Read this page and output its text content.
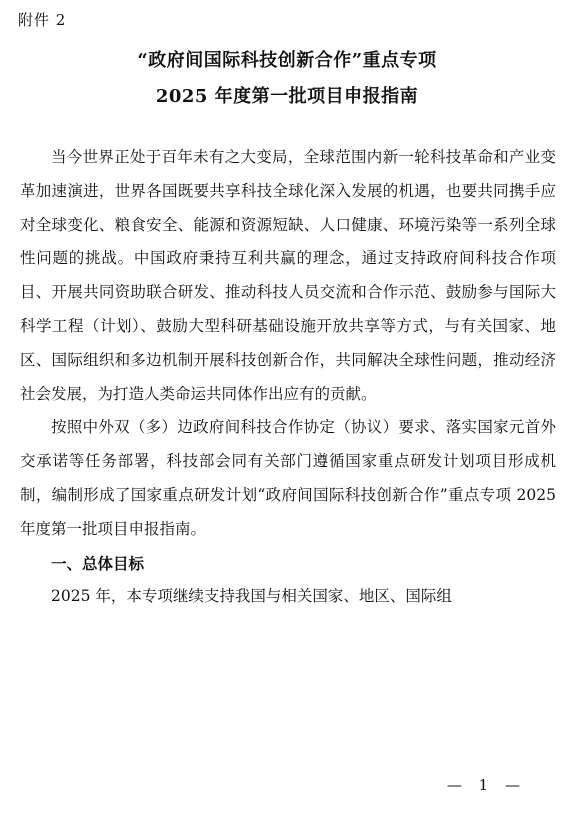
附件 2
“政府间国际科技创新合作”重点专项
2025 年度第一批项目申报指南

当今世界正处于百年未有之大变局，全球范围内新一轮科技革命和产业变革加速演进，世界各国既要共享科技全球化深入发展的机遇，也要共同携手应对全球变化、粮食安全、能源和资源短缺、人口健康、环境污染等一系列全球性问题的挑战。中国政府秉持互利共赢的理念，通过支持政府间科技合作项目、开展共同资助联合研发、推动科技人员交流和合作示范、鼓励参与国际大科学工程（计划）、鼓励大型科研基础设施开放共享等方式，与有关国家、地区、国际组织和多边机制开展科技创新合作，共同解决全球性问题，推动经济社会发展，为打造人类命运共同体作出应有的贡献。

按照中外双（多）边政府间科技合作协定（协议）要求、落实国家元首外交承诺等任务部署，科技部会同有关部门遵循国家重点研发计划项目形成机制，编制形成了国家重点研发计划“政府间国际科技创新合作”重点专项 2025 年度第一批项目申报指南。

一、总体目标

2025 年，本专项继续支持我国与相关国家、地区、国际组

— 1 —
